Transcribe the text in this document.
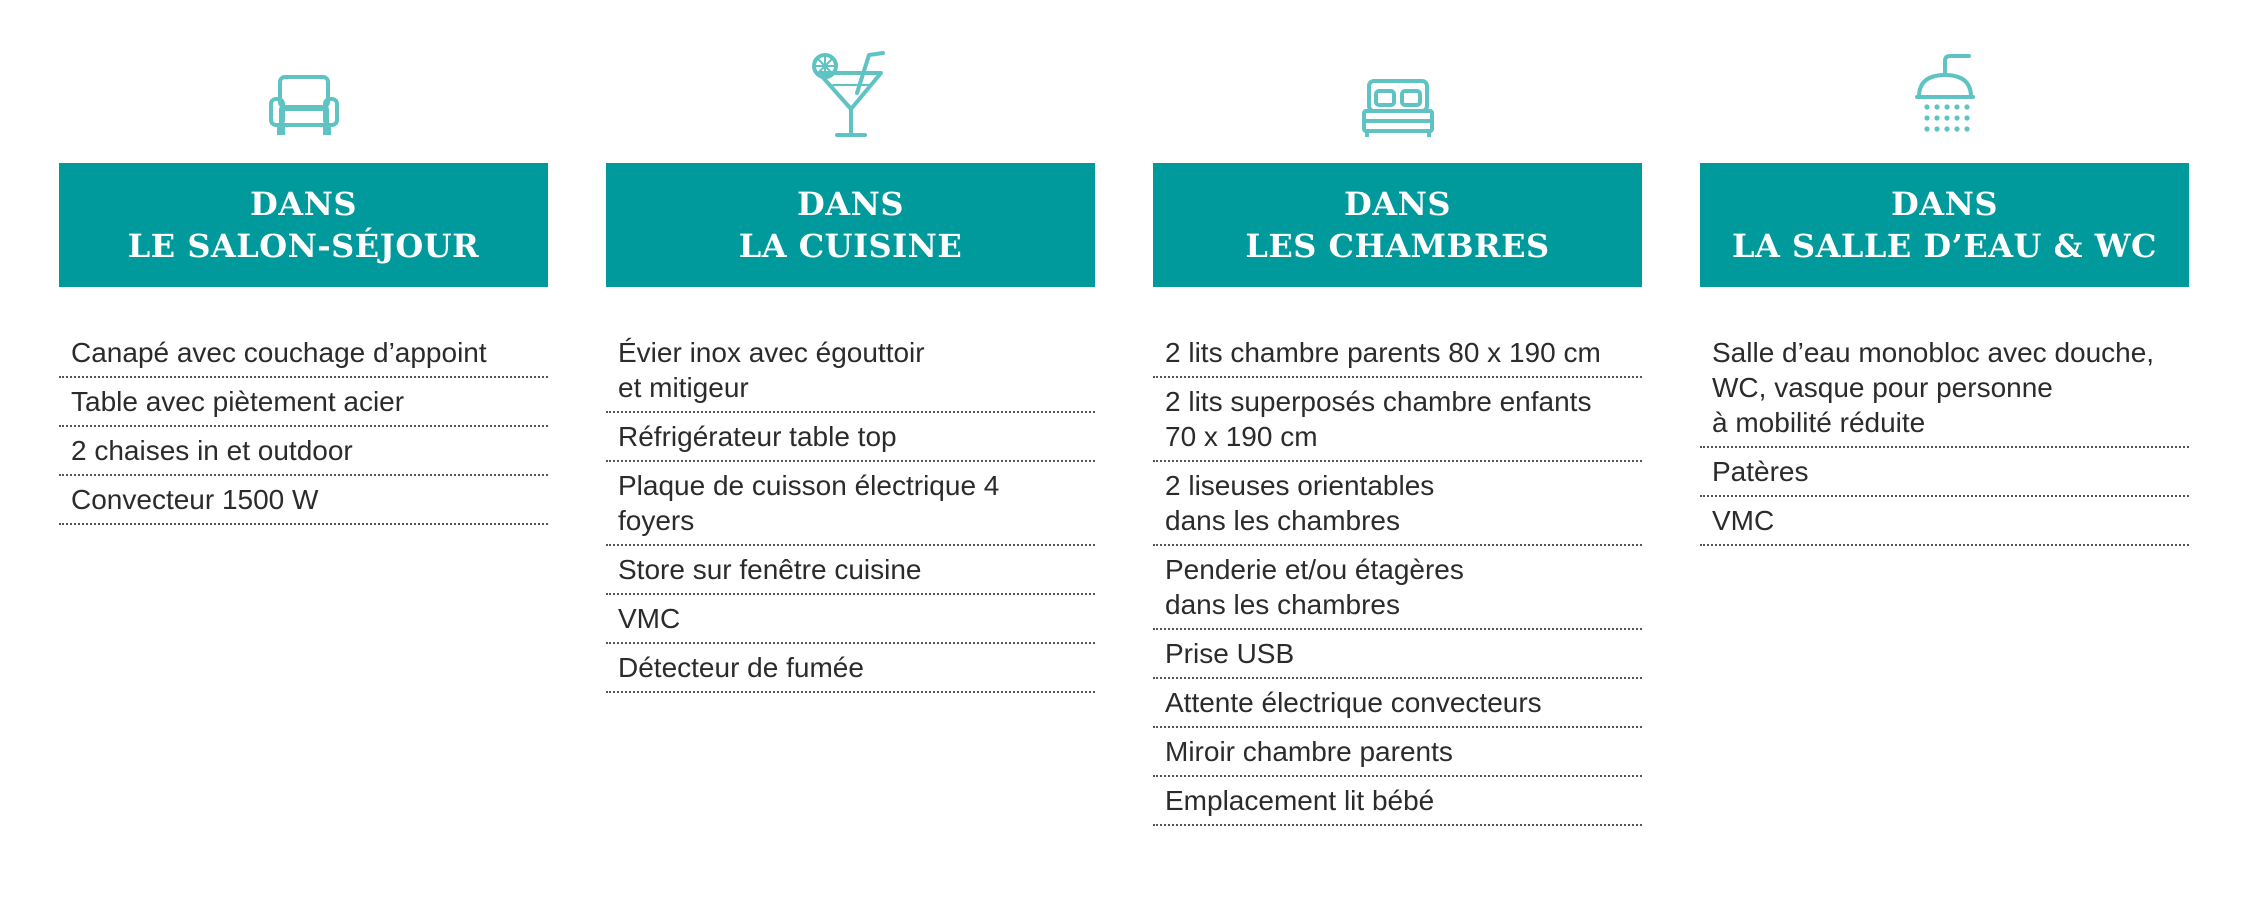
DANS
LE SALON-SÉJOUR
Canapé avec couchage d’appoint
Table avec piètement acier
2 chaises in et outdoor
Convecteur 1500 W
DANS
LA CUISINE
Évier inox avec égouttoir
et mitigeur
Réfrigérateur table top
Plaque de cuisson électrique 4
foyers
Store sur fenêtre cuisine
VMC
Détecteur de fumée
DANS
LES CHAMBRES
2 lits chambre parents 80 x 190 cm
2 lits superposés chambre enfants
70 x 190 cm
2 liseuses orientables
dans les chambres
Penderie et/ou étagères
dans les chambres
Prise USB
Attente électrique convecteurs
Miroir chambre parents
Emplacement lit bébé
DANS
LA SALLE D’EAU & WC
Salle d’eau monobloc avec douche,
WC, vasque pour personne
à mobilité réduite
Patères
VMC
